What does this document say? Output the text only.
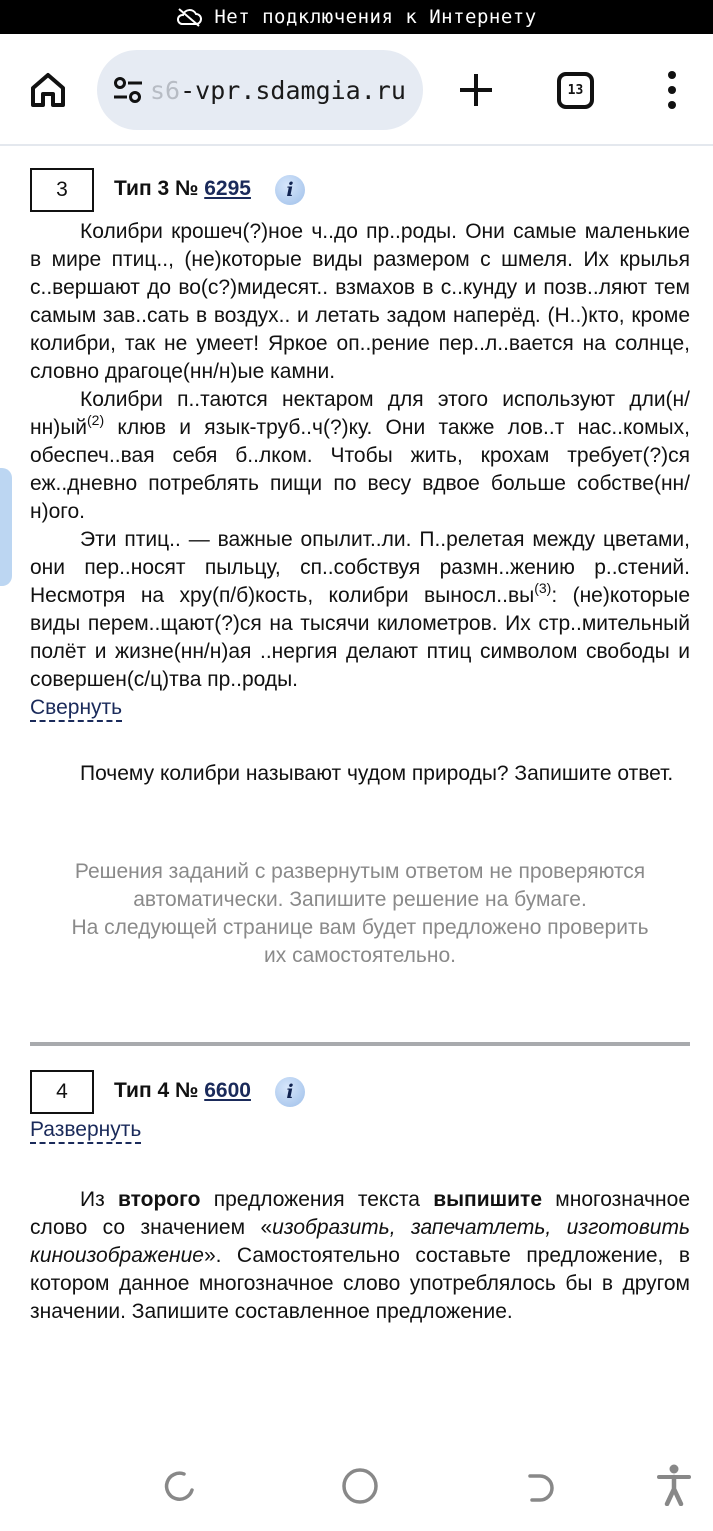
Нет подключения к Интернету
s6-vpr.sdamgia.ru	13
3 Тип 3 № 6295 i

Колибри крошеч(?)ное ч..до пр..роды. Они самые маленькие в мире птиц.., (не)которые виды размером с шмеля. Их крылья с..вершают до во(с?)мидесят.. взмахов в с..кунду и позв..ляют тем самым зав..сать в воздух.. и летать задом наперёд. (Н..)кто, кроме колибри, так не умеет! Яркое оп..рение пер..л..вается на солнце, словно драгоце(нн/н)ые камни.

Колибри п..таются нектаром для этого используют $дли(н/нн)ый^{(2)}$ клюв и язык-труб..ч(?)ку. Они также лов..т нас..комых, обеспеч..вая себя б..лком. Чтобы жить, крохам требует(?)ся еж..дневно потреблять пищи по весу вдвое больше собстве(нн/н)ого.

Эти птиц.. — важные опылит..ли. П..релетая между цветами, они пер..носят пыльцу, сп..собствуя размн..жению р..стений. Несмотря на хру(п/б)кость, колибри $выносл..вы^{(3)}$: (не)которые виды перем..щают(?)ся на тысячи километров. Их стр..мительный полёт и жизне(нн/н)ая ..нергия делают птиц символом свободы и совершен(с/ц)тва пр..роды.

Свернуть

Почему колибри называют чудом природы? Запишите ответ.

Решения заданий с развернутым ответом не проверяются автоматически. Запишите решение на бумаге.

На следующей странице вам будет предложено проверить их самостоятельно.

4 Тип 4 № 6600 i
Развернуть

Из второго предложения текста выпишите многозначное слово со значением «изобразить, запечатлеть, изготовить киноизображение». Самостоятельно составьте предложение, в котором данное многозначное слово употреблялось бы в другом значении. Запишите составленное предложение.
